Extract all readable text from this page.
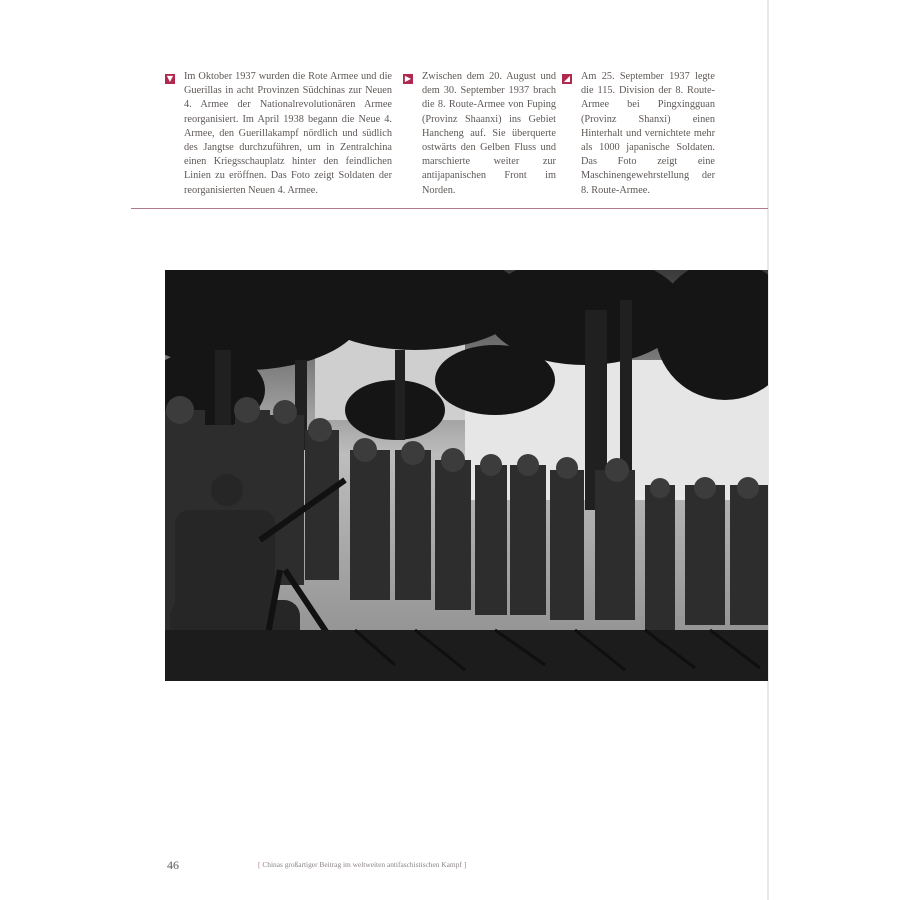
▼ Im Oktober 1937 wurden die Rote Armee und die Guerillas in acht Provinzen Südchinas zur Neuen 4. Armee der Nationalrevolutionären Armee reorganisiert. Im April 1938 begann die Neue 4. Armee, den Guerillakampf nördlich und südlich des Jangtse durchzuführen, um in Zentralchina einen Kriegsschauplatz hinter den feindlichen Linien zu eröffnen. Das Foto zeigt Soldaten der reorganisierten Neuen 4. Armee.

▶ Zwischen dem 20. August und dem 30. September 1937 brach die 8. Route-Armee von Fuping (Provinz Shaanxi) ins Gebiet Hancheng auf. Sie überquerte ostwärts den Gelben Fluss und marschierte weiter zur antijapanischen Front im Norden.

◢ Am 25. September 1937 legte die 115. Division der 8. Route-Armee bei Pingxingguan (Provinz Shanxi) einen Hinterhalt und vernichtete mehr als 1000 japanische Soldaten. Das Foto zeigt eine Maschinengewehrstellung der 8. Route-Armee.

46	[ Chinas großartiger Beitrag im weltweiten antifaschistischen Kampf ]
